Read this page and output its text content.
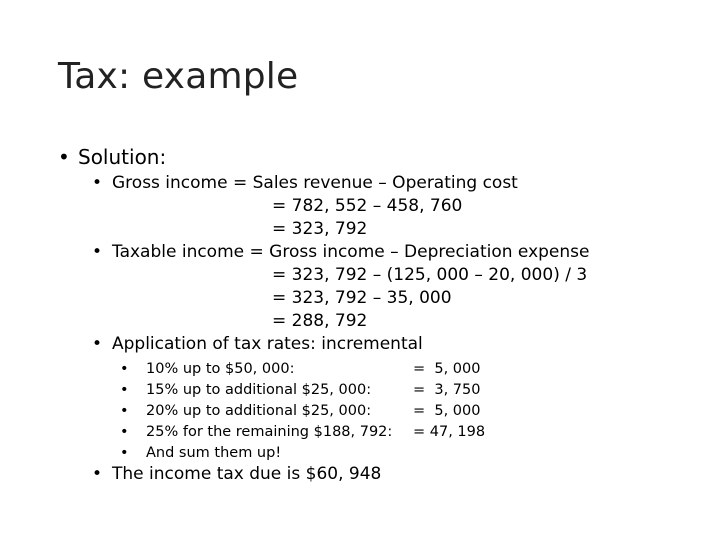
Tax: example
• Solution:
• Gross income = Sales revenue – Operating cost
= 782, 552 – 458, 760
= 323, 792
• Taxable income = Gross income – Depreciation expense
= 323, 792 – (125, 000 – 20, 000) / 3
= 323, 792 – 35, 000
= 288, 792
• Application of tax rates: incremental
• 10% up to $50, 000:	=  5, 000
• 15% up to additional $25, 000:	=  3, 750
• 20% up to additional $25, 000:	=  5, 000
• 25% for the remaining $188, 792: = 47, 198
• And sum them up!
• The income tax due is $60, 948
